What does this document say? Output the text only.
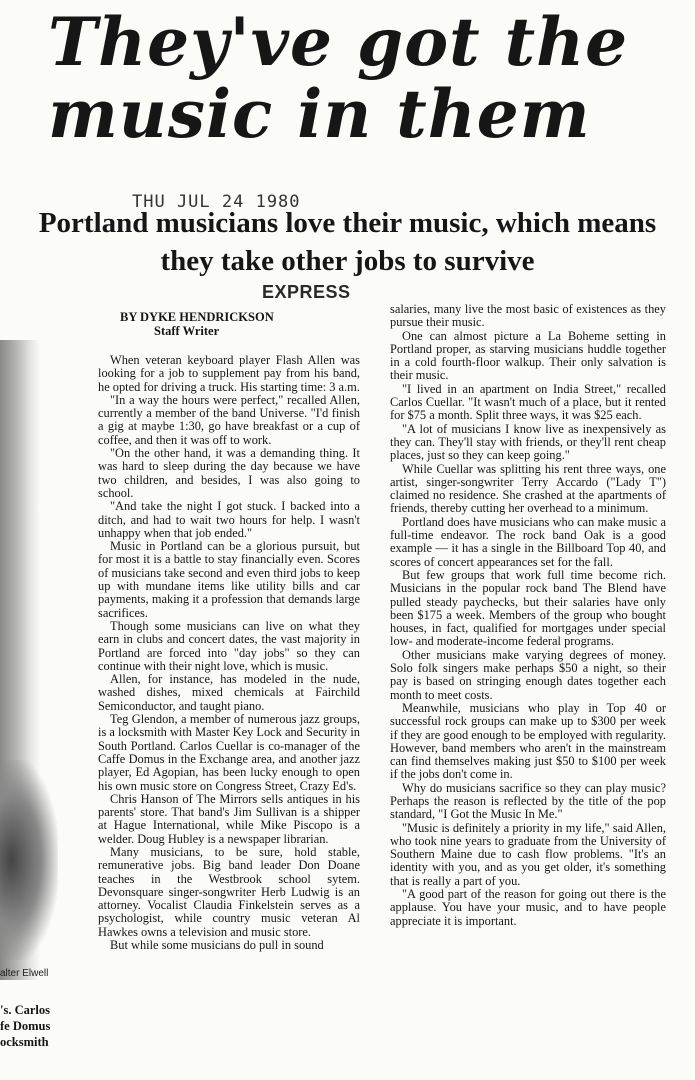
They've got the music in them
THU JUL 24 1980
Portland musicians love their music, which means they take other jobs to survive
EXPRESS
BY DYKE HENDRICKSON
Staff Writer

When veteran keyboard player Flash Allen was looking for a job to supplement pay from his band, he opted for driving a truck. His starting time: 3 a.m.

"In a way the hours were perfect," recalled Allen, currently a member of the band Universe. "I'd finish a gig at maybe 1:30, go have breakfast or a cup of coffee, and then it was off to work.

"On the other hand, it was a demanding thing. It was hard to sleep during the day because we have two children, and besides, I was also going to school.

"And take the night I got stuck. I backed into a ditch, and had to wait two hours for help. I wasn't unhappy when that job ended."

Music in Portland can be a glorious pursuit, but for most it is a battle to stay financially even. Scores of musicians take second and even third jobs to keep up with mundane items like utility bills and car payments, making it a profession that demands large sacrifices.

Though some musicians can live on what they earn in clubs and concert dates, the vast majority in Portland are forced into "day jobs" so they can continue with their night love, which is music.

Allen, for instance, has modeled in the nude, washed dishes, mixed chemicals at Fairchild Semiconductor, and taught piano.

Teg Glendon, a member of numerous jazz groups, is a locksmith with Master Key Lock and Security in South Portland. Carlos Cuellar is co-manager of the Caffe Domus in the Exchange area, and another jazz player, Ed Agopian, has been lucky enough to open his own music store on Congress Street, Crazy Ed's.

Chris Hanson of The Mirrors sells antiques in his parents' store. That band's Jim Sullivan is a shipper at Hague International, while Mike Piscopo is a welder. Doug Hubley is a newspaper librarian.

Many musicians, to be sure, hold stable, remunerative jobs. Big band leader Don Doane teaches in the Westbrook school sytem. Devonsquare singer-songwriter Herb Ludwig is an attorney. Vocalist Claudia Finkelstein serves as a psychologist, while country music veteran Al Hawkes owns a television and music store.

But while some musicians do pull in sound

salaries, many live the most basic of existences as they pursue their music.

One can almost picture a La Boheme setting in Portland proper, as starving musicians huddle together in a cold fourth-floor walkup. Their only salvation is their music.

"I lived in an apartment on India Street," recalled Carlos Cuellar. "It wasn't much of a place, but it rented for $75 a month. Split three ways, it was $25 each.

"A lot of musicians I know live as inexpensively as they can. They'll stay with friends, or they'll rent cheap places, just so they can keep going."

While Cuellar was splitting his rent three ways, one artist, singer-songwriter Terry Accardo ("Lady T") claimed no residence. She crashed at the apartments of friends, thereby cutting her overhead to a minimum.

Portland does have musicians who can make music a full-time endeavor. The rock band Oak is a good example — it has a single in the Billboard Top 40, and scores of concert appearances set for the fall.

But few groups that work full time become rich. Musicians in the popular rock band The Blend have pulled steady paychecks, but their salaries have only been $175 a week. Members of the group who bought houses, in fact, qualified for mortgages under special low- and moderate-income federal programs.

Other musicians make varying degrees of money. Solo folk singers make perhaps $50 a night, so their pay is based on stringing enough dates together each month to meet costs.

Meanwhile, musicians who play in Top 40 or successful rock groups can make up to $300 per week if they are good enough to be employed with regularity. However, band members who aren't in the mainstream can find themselves making just $50 to $100 per week if the jobs don't come in.

Why do musicians sacrifice so they can play music? Perhaps the reason is reflected by the title of the pop standard, "I Got the Music In Me."

"Music is definitely a priority in my life," said Allen, who took nine years to graduate from the University of Southern Maine due to cash flow problems. "It's an identity with you, and as you get older, it's something that is really a part of you.

"A good part of the reason for going out there is the applause. You have your music, and to have people appreciate it is important.

alter Elwell
's. Carlos
fe Domus
ocksmith
